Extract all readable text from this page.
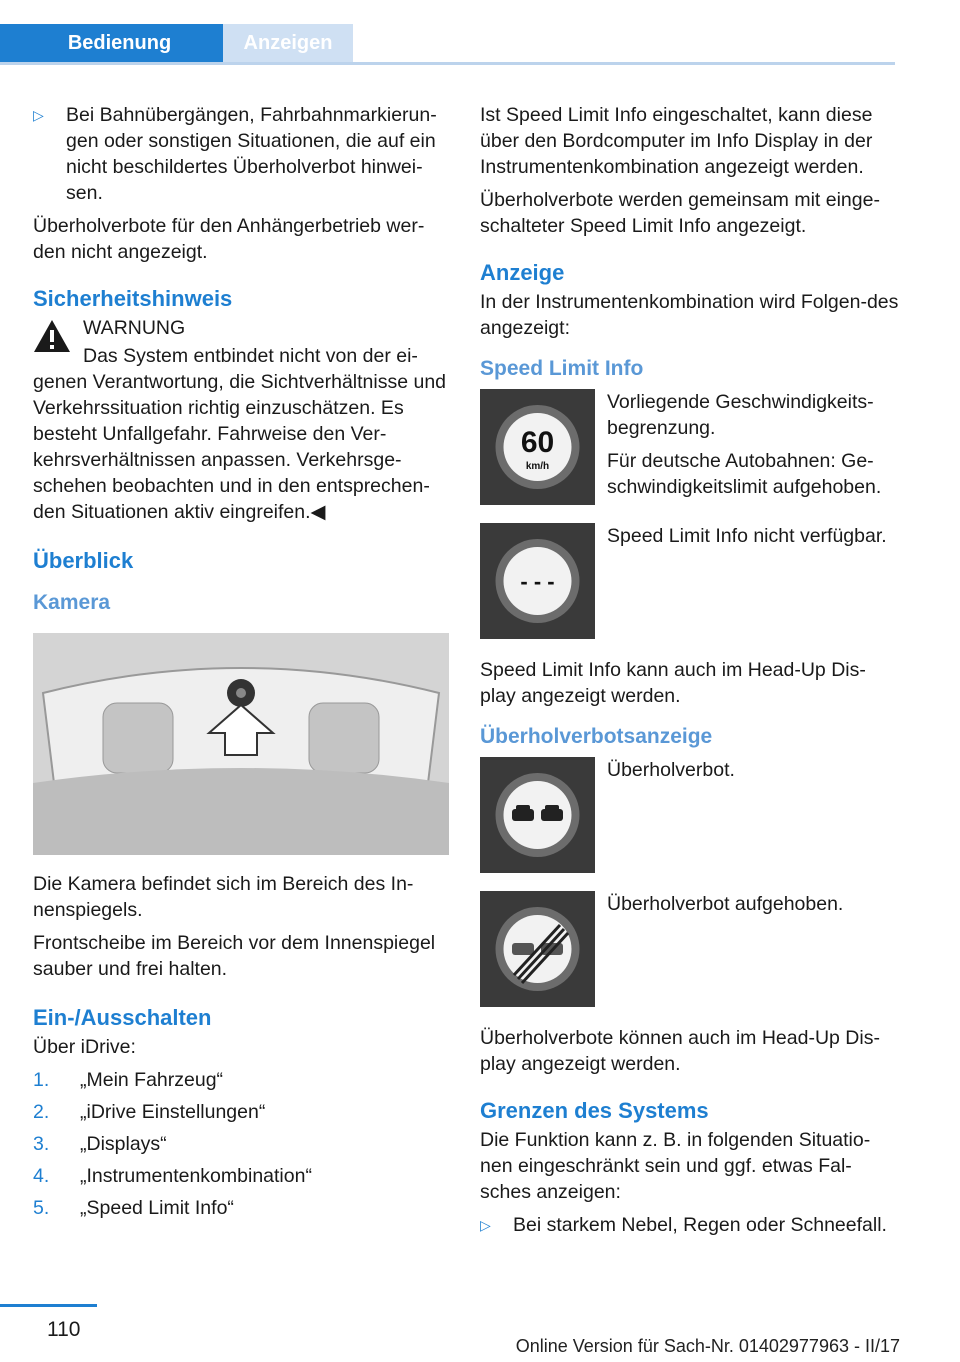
Bedienung	Anzeigen
▷ Bei Bahnübergängen, Fahrbahnmarkierun-gen oder sonstigen Situationen, die auf ein nicht beschildertes Überholverbot hinwei-sen.

Überholverbote für den Anhängerbetrieb wer-den nicht angezeigt.

Sicherheitshinweis

WARNUNG

Das System entbindet nicht von der ei-genen Verantwortung, die Sichtverhältnisse und Verkehrssituation richtig einzuschätzen. Es besteht Unfallgefahr. Fahrweise den Ver-kehrsverhältnissen anpassen. Verkehrsge-schehen beobachten und in den entsprechen-den Situationen aktiv eingreifen.◀

Überblick
Kamera

Die Kamera befindet sich im Bereich des In-nenspiegels.

Frontscheibe im Bereich vor dem Innenspiegel sauber und frei halten.

Ein-/Ausschalten

Über iDrive:

1. „Mein Fahrzeug“
2. „iDrive Einstellungen“
3. „Displays“
4. „Instrumentenkombination“
5. „Speed Limit Info“

Ist Speed Limit Info eingeschaltet, kann diese über den Bordcomputer im Info Display in der Instrumentenkombination angezeigt werden.

Überholverbote werden gemeinsam mit einge-schalteter Speed Limit Info angezeigt.

Anzeige

In der Instrumentenkombination wird Folgen-des angezeigt:

Speed Limit Info
60
km/h

Vorliegende Geschwindigkeits-begrenzung.

Für deutsche Autobahnen: Ge-schwindigkeitslimit aufgehoben.

- - -

Speed Limit Info nicht verfügbar.

Speed Limit Info kann auch im Head-Up Dis-play angezeigt werden.

Überholverbotsanzeige

Überholverbot.

Überholverbot aufgehoben.

Überholverbote können auch im Head-Up Dis-play angezeigt werden.

Grenzen des Systems

Die Funktion kann z. B. in folgenden Situatio-nen eingeschränkt sein und ggf. etwas Fal-sches anzeigen:

▷ Bei starkem Nebel, Regen oder Schneefall.
110
Online Version für Sach-Nr. 01402977963 - II/17
